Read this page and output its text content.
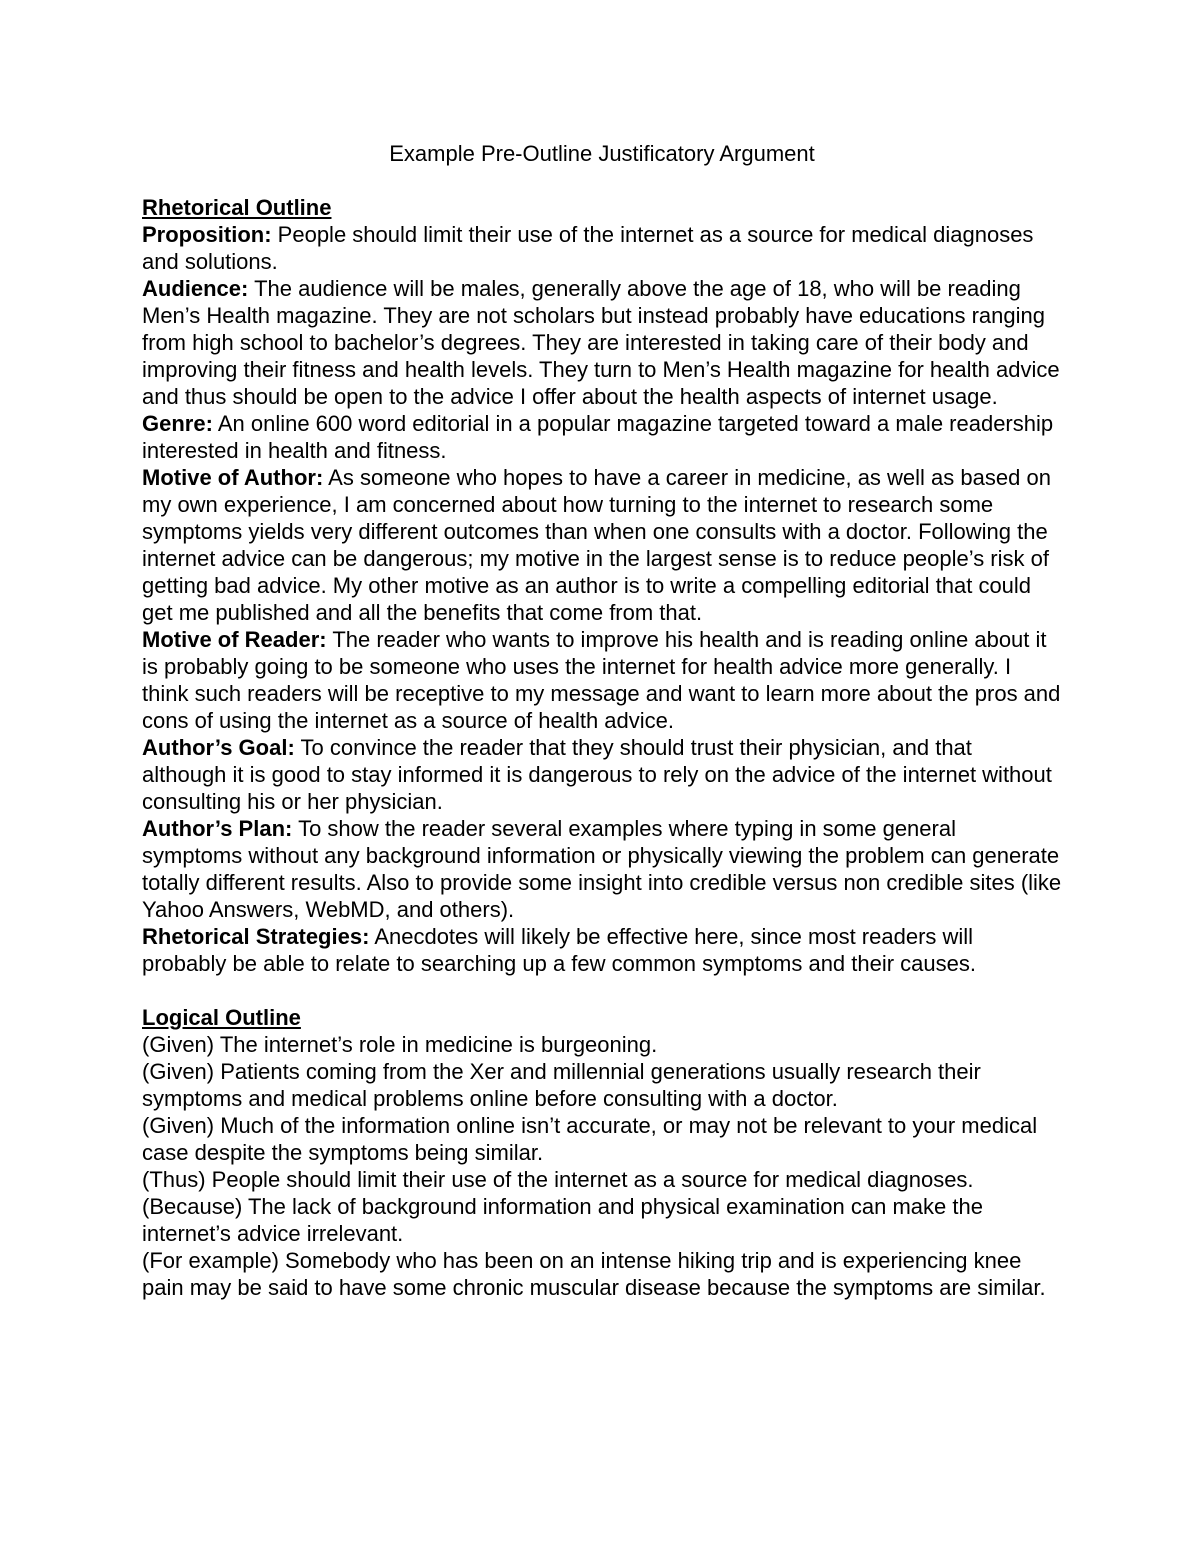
Example Pre-Outline Justificatory Argument
Rhetorical Outline
Proposition: People should limit their use of the internet as a source for medical diagnoses and solutions.
Audience: The audience will be males, generally above the age of 18, who will be reading Men’s Health magazine. They are not scholars but instead probably have educations ranging from high school to bachelor’s degrees. They are interested in taking care of their body and improving their fitness and health levels. They turn to Men’s Health magazine for health advice and thus should be open to the advice I offer about the health aspects of internet usage.
Genre: An online 600 word editorial in a popular magazine targeted toward a male readership interested in health and fitness.
Motive of Author: As someone who hopes to have a career in medicine, as well as based on my own experience, I am concerned about how turning to the internet to research some symptoms yields very different outcomes than when one consults with a doctor. Following the internet advice can be dangerous; my motive in the largest sense is to reduce people’s risk of getting bad advice. My other motive as an author is to write a compelling editorial that could get me published and all the benefits that come from that.
Motive of Reader: The reader who wants to improve his health and is reading online about it is probably going to be someone who uses the internet for health advice more generally. I think such readers will be receptive to my message and want to learn more about the pros and cons of using the internet as a source of health advice.
Author’s Goal: To convince the reader that they should trust their physician, and that although it is good to stay informed it is dangerous to rely on the advice of the internet without consulting his or her physician.
Author’s Plan: To show the reader several examples where typing in some general symptoms without any background information or physically viewing the problem can generate totally different results. Also to provide some insight into credible versus non credible sites (like Yahoo Answers, WebMD, and others).
Rhetorical Strategies: Anecdotes will likely be effective here, since most readers will probably be able to relate to searching up a few common symptoms and their causes.
Logical Outline
(Given) The internet’s role in medicine is burgeoning.
(Given) Patients coming from the Xer and millennial generations usually research their symptoms and medical problems online before consulting with a doctor.
(Given) Much of the information online isn’t accurate, or may not be relevant to your medical case despite the symptoms being similar.
(Thus) People should limit their use of the internet as a source for medical diagnoses.
(Because) The lack of background information and physical examination can make the internet’s advice irrelevant.
(For example) Somebody who has been on an intense hiking trip and is experiencing knee pain may be said to have some chronic muscular disease because the symptoms are similar.
